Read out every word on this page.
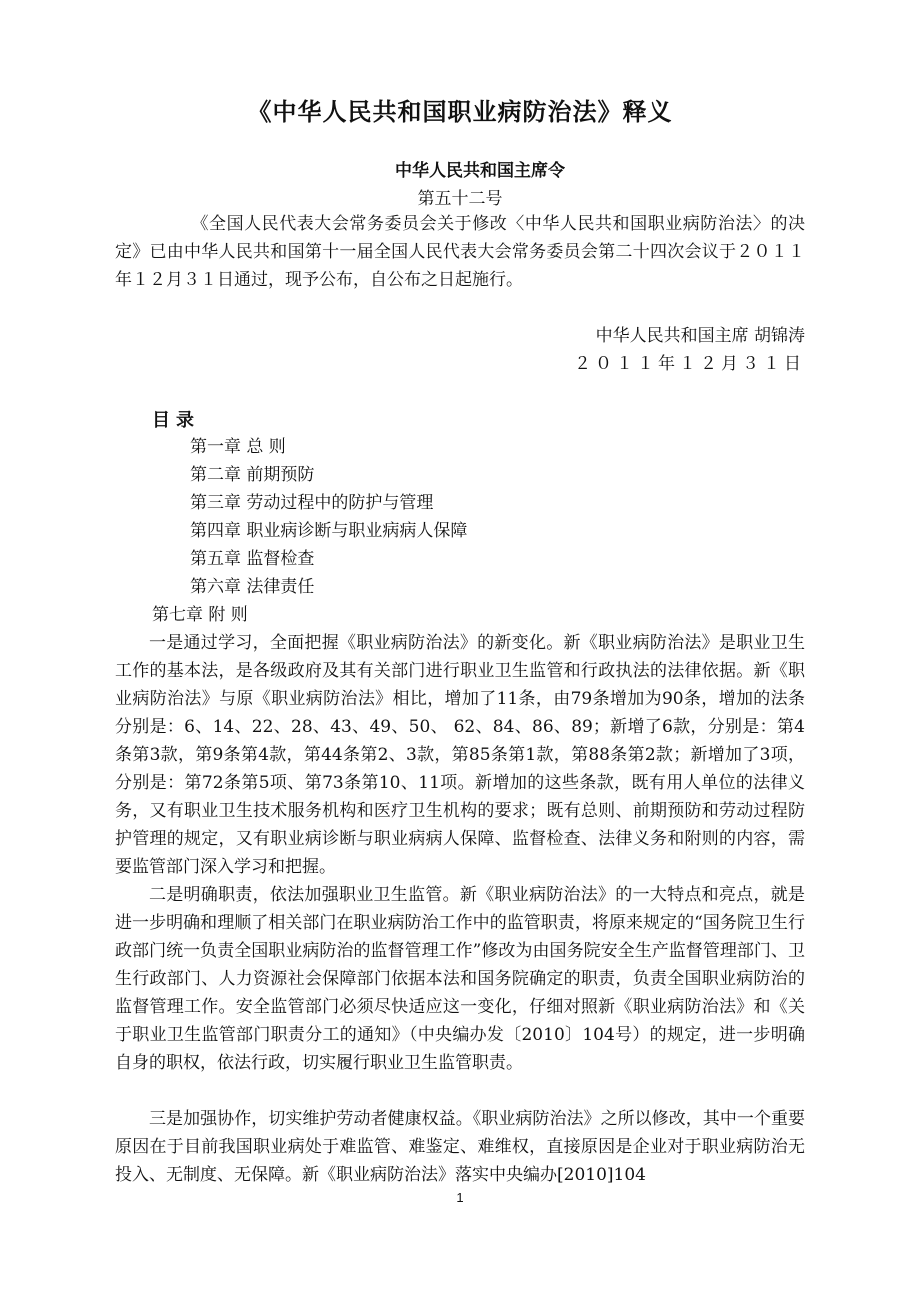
《中华人民共和国职业病防治法》释义
中华人民共和国主席令
第五十二号
《全国人民代表大会常务委员会关于修改〈中华人民共和国职业病防治法〉的决定》已由中华人民共和国第十一届全国人民代表大会常务委员会第二十四次会议于２０１１年１２月３１日通过，现予公布，自公布之日起施行。
中华人民共和国主席 胡锦涛
２０１１年１２月３１日
目录
第一章 总 则
第二章 前期预防
第三章 劳动过程中的防护与管理
第四章 职业病诊断与职业病病人保障
第五章 监督检查
第六章 法律责任
第七章 附 则
一是通过学习，全面把握《职业病防治法》的新变化。新《职业病防治法》是职业卫生工作的基本法，是各级政府及其有关部门进行职业卫生监管和行政执法的法律依据。新《职业病防治法》与原《职业病防治法》相比，增加了11条，由79条增加为90条，增加的法条分别是：6、14、22、28、43、49、50、 62、84、86、89；新增了6款，分别是：第4条第3款，第9条第4款，第44条第2、3款，第85条第1款，第88条第2款；新增加了3项，分别是：第72条第5项、第73条第10、11项。新增加的这些条款，既有用人单位的法律义务，又有职业卫生技术服务机构和医疗卫生机构的要求；既有总则、前期预防和劳动过程防护管理的规定，又有职业病诊断与职业病病人保障、监督检查、法律义务和附则的内容，需要监管部门深入学习和把握。
二是明确职责，依法加强职业卫生监管。新《职业病防治法》的一大特点和亮点，就是进一步明确和理顺了相关部门在职业病防治工作中的监管职责，将原来规定的“国务院卫生行政部门统一负责全国职业病防治的监督管理工作”修改为由国务院安全生产监督管理部门、卫生行政部门、人力资源社会保障部门依据本法和国务院确定的职责，负责全国职业病防治的监督管理工作。安全监管部门必须尽快适应这一变化，仔细对照新《职业病防治法》和《关于职业卫生监管部门职责分工的通知》（中央编办发〔2010〕104号）的规定，进一步明确自身的职权，依法行政，切实履行职业卫生监管职责。
三是加强协作，切实维护劳动者健康权益。《职业病防治法》之所以修改，其中一个重要原因在于目前我国职业病处于难监管、难鉴定、难维权，直接原因是企业对于职业病防治无投入、无制度、无保障。新《职业病防治法》落实中央编办[2010]104
1
